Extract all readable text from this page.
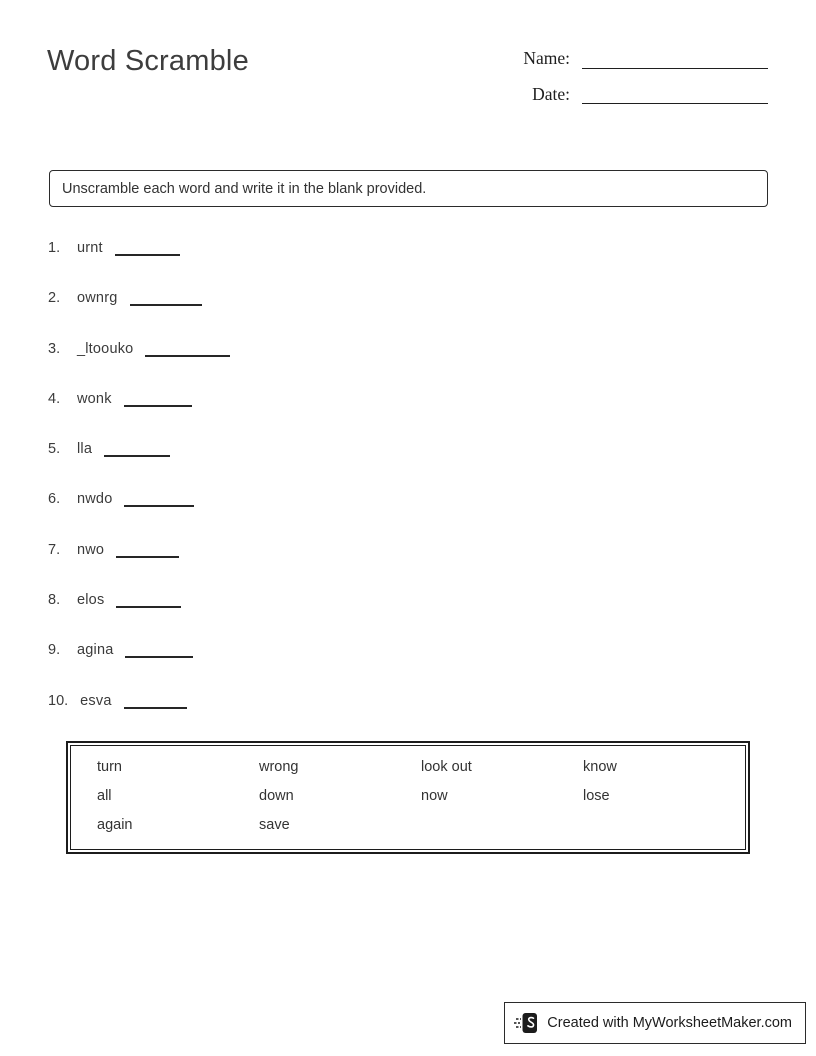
Word Scramble	Name:
Date:
Unscramble each word and write it in the blank provided.
1. urnt
2. ownrg
3. _ltoouko
4. wonk
5. lla
6. nwdo
7. nwo
8. elos
9. agina
10. esva
turn	wrong	look out	know
all	down	now	lose
again	save
Created with MyWorksheetMaker.com
